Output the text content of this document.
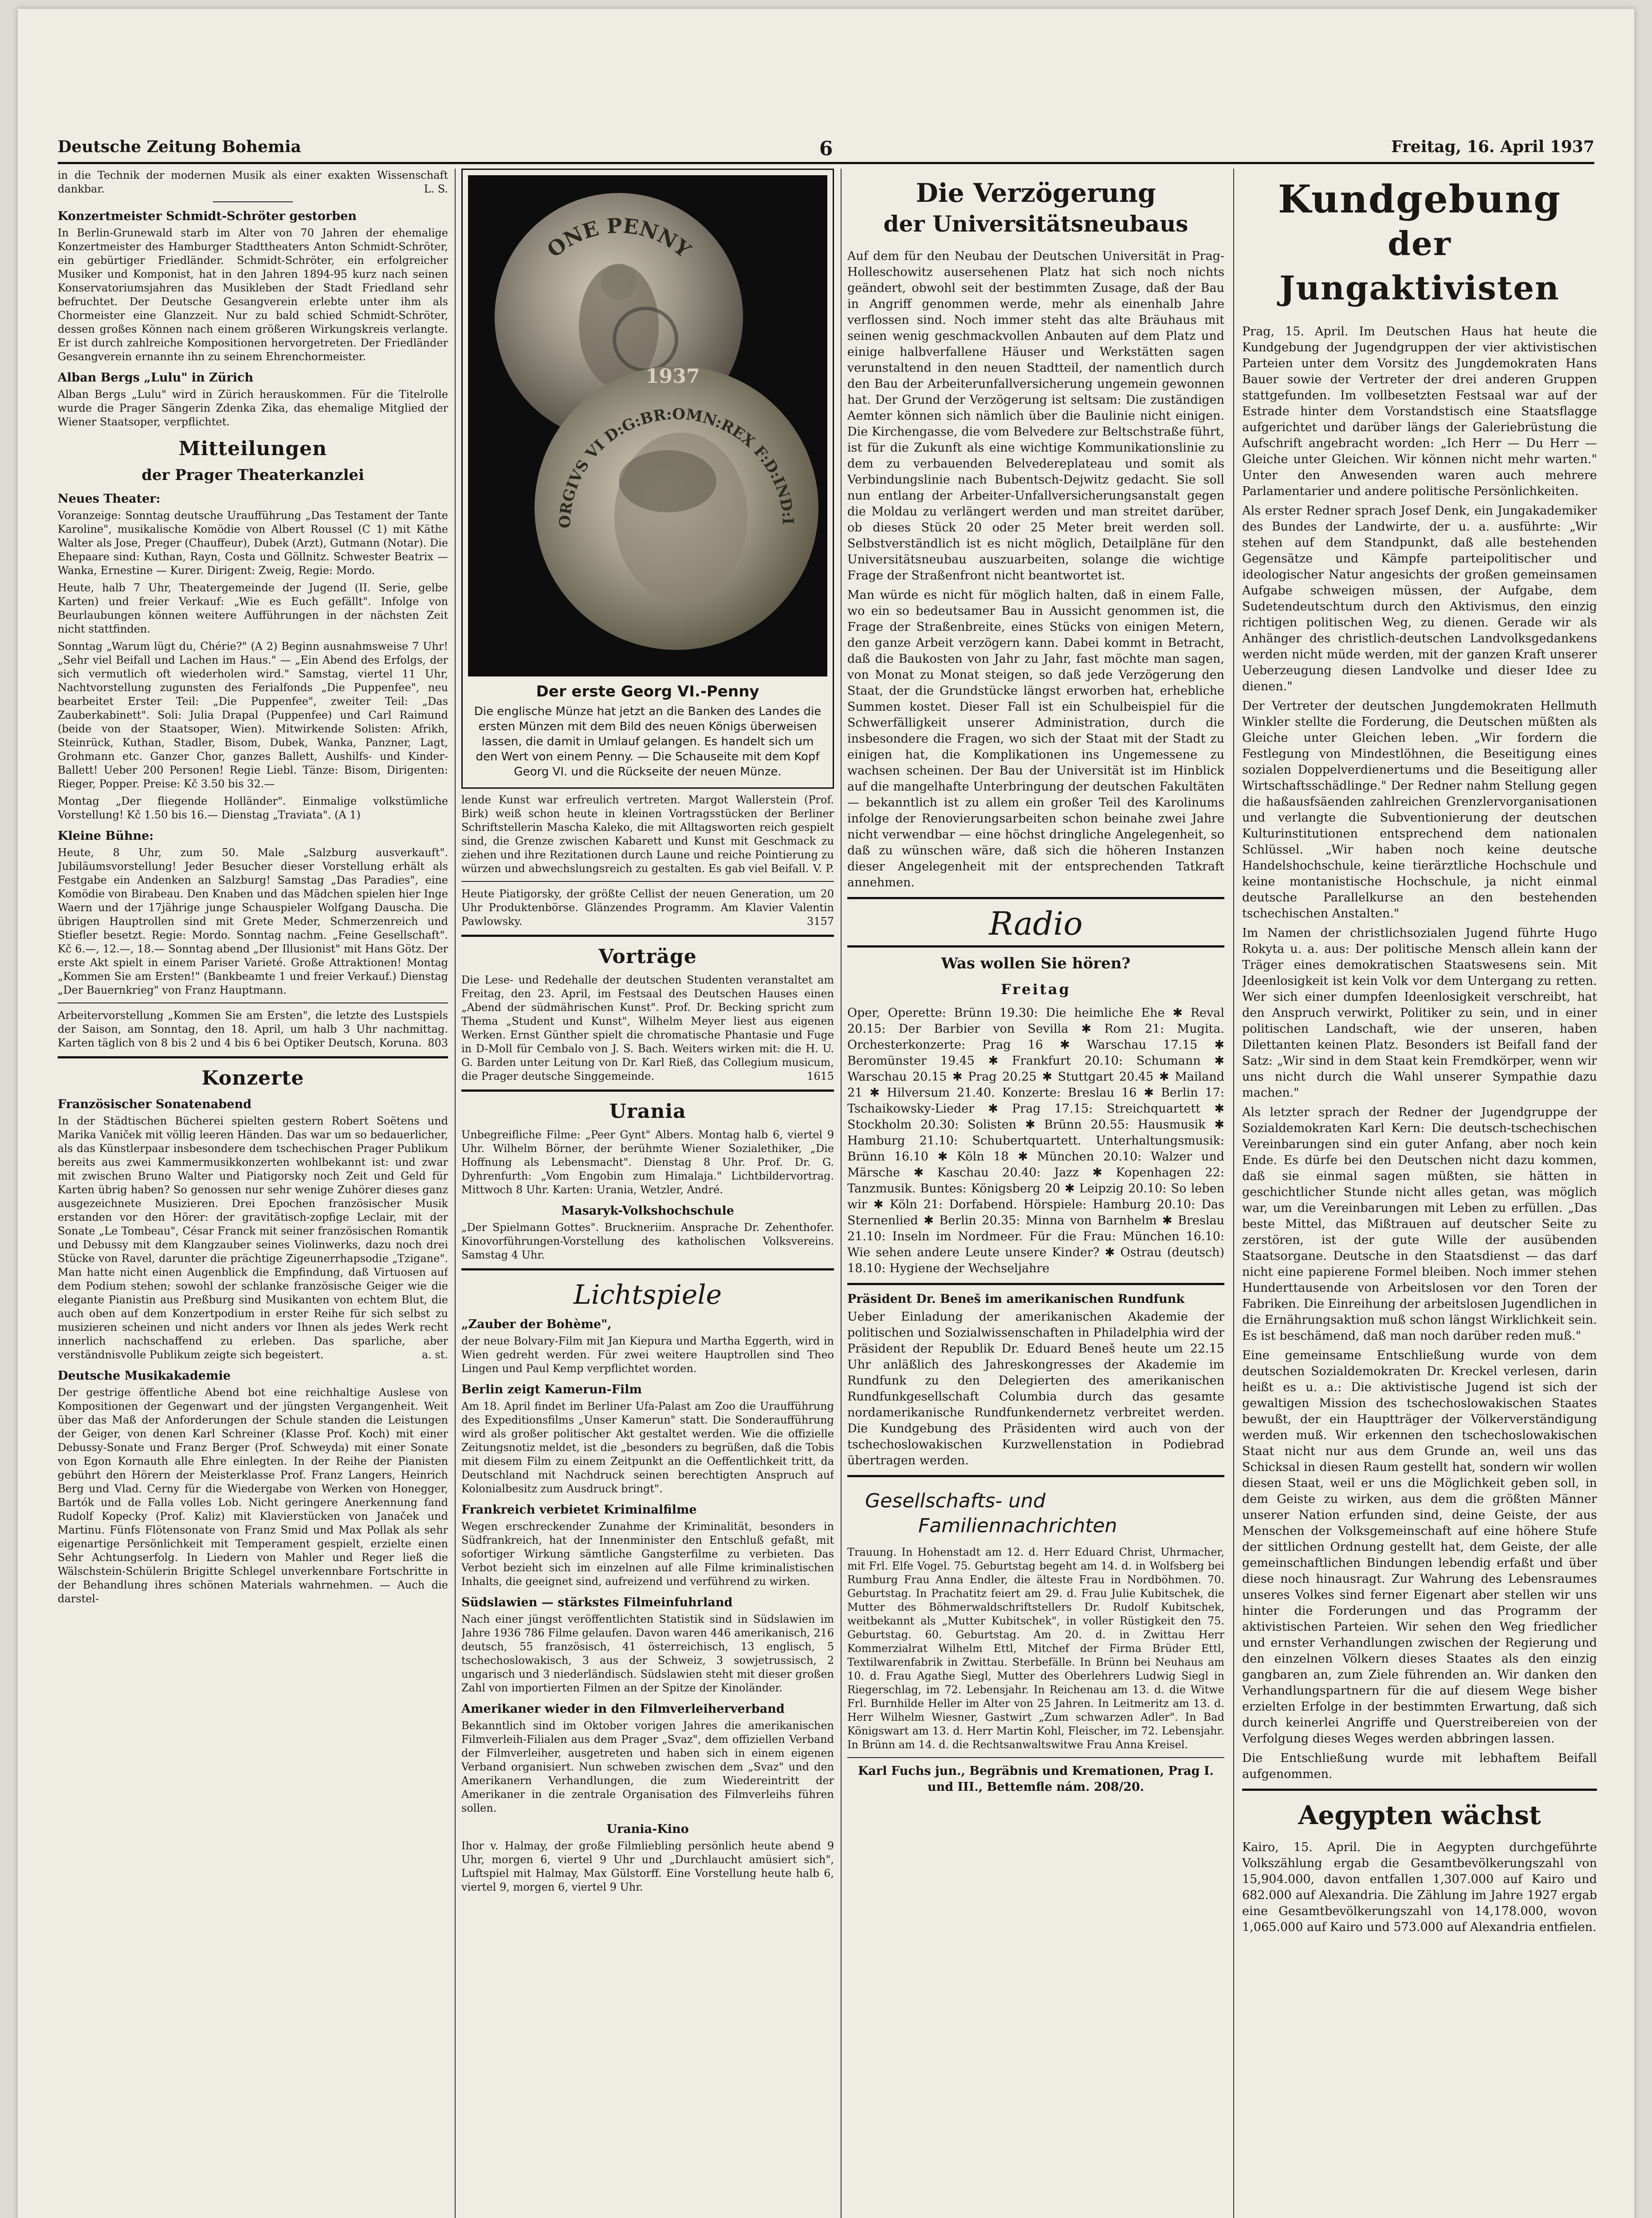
Deutsche Zeitung Bohemia	6	Freitag, 16. April 1937

in die Technik der modernen Musik als einer exakten Wissenschaft dankbar.	L. S.

Konzertmeister Schmidt-Schröter gestorben

In Berlin-Grunewald starb im Alter von 70 Jahren der ehemalige Konzertmeister des Hamburger Stadttheaters Anton Schmidt-Schröter, ein gebürtiger Friedländer. Schmidt-Schröter, ein erfolgreicher Musiker und Komponist, hat in den Jahren 1894-95 kurz nach seinen Konservatoriumsjahren das Musikleben der Stadt Friedland sehr befruchtet. Der Deutsche Gesangverein erlebte unter ihm als Chormeister eine Glanzzeit. Nur zu bald schied Schmidt-Schröter, dessen großes Können nach einem größeren Wirkungskreis verlangte. Er ist durch zahlreiche Kompositionen hervorgetreten. Der Friedländer Gesangverein ernannte ihn zu seinem Ehrenchormeister.

Alban Bergs „Lulu" in Zürich

Alban Bergs „Lulu" wird in Zürich herauskommen. Für die Titelrolle wurde die Prager Sängerin Zdenka Zika, das ehemalige Mitglied der Wiener Staatsoper, verpflichtet.

Mitteilungen
der Prager Theaterkanzlei
Neues Theater:

Voranzeige: Sonntag deutsche Uraufführung „Das Testament der Tante Karoline", musikalische Komödie von Albert Roussel (C 1) mit Käthe Walter als Jose, Preger (Chauffeur), Dubek (Arzt), Gutmann (Notar). Die Ehepaare sind: Kuthan, Rayn, Costa und Göllnitz. Schwester Beatrix — Wanka, Ernestine — Kurer. Dirigent: Zweig, Regie: Mordo.

Heute, halb 7 Uhr, Theatergemeinde der Jugend (II. Serie, gelbe Karten) und freier Verkauf: „Wie es Euch gefällt". Infolge von Beurlaubungen können weitere Aufführungen in der nächsten Zeit nicht stattfinden.

Sonntag „Warum lügt du, Chérie?" (A 2) Beginn ausnahmsweise 7 Uhr! „Sehr viel Beifall und Lachen im Haus." — „Ein Abend des Erfolgs, der sich vermutlich oft wiederholen wird." Samstag, viertel 11 Uhr, Nachtvorstellung zugunsten des Ferialfonds „Die Puppenfee", neu bearbeitet Erster Teil: „Die Puppenfee", zweiter Teil: „Das Zauberkabinett". Soli: Julia Drapal (Puppenfee) und Carl Raimund (beide von der Staatsoper, Wien). Mitwirkende Solisten: Afrikh, Steinrück, Kuthan, Stadler, Bisom, Dubek, Wanka, Panzner, Lagt, Grohmann etc. Ganzer Chor, ganzes Ballett, Aushilfs- und Kinder-Ballett! Ueber 200 Personen! Regie Liebl. Tänze: Bisom, Dirigenten: Rieger, Popper. Preise: Kč 3.50 bis 32.—

Montag „Der fliegende Holländer". Einmalige volkstümliche Vorstellung! Kč 1.50 bis 16.— Dienstag „Traviata". (A 1)

Kleine Bühne:

Heute, 8 Uhr, zum 50. Male „Salzburg ausverkauft". Jubiläumsvorstellung! Jeder Besucher dieser Vorstellung erhält als Festgabe ein Andenken an Salzburg! Samstag „Das Paradies", eine Komödie von Birabeau. Den Knaben und das Mädchen spielen hier Inge Waern und der 17jährige junge Schauspieler Wolfgang Dauscha. Die übrigen Hauptrollen sind mit Grete Meder, Schmerzenreich und Stiefler besetzt. Regie: Mordo. Sonntag nachm. „Feine Gesellschaft". Kč 6.—, 12.—, 18.— Sonntag abend „Der Illusionist" mit Hans Götz. Der erste Akt spielt in einem Pariser Varieté. Große Attraktionen! Montag „Kommen Sie am Ersten!" (Bankbeamte 1 und freier Verkauf.) Dienstag „Der Bauernkrieg" von Franz Hauptmann.

Arbeitervorstellung „Kommen Sie am Ersten", die letzte des Lustspiels der Saison, am Sonntag, den 18. April, um halb 3 Uhr nachmittag. Karten täglich von 8 bis 2 und 4 bis 6 bei Optiker Deutsch, Koruna. 803

Konzerte
Französischer Sonatenabend

In der Städtischen Bücherei spielten gestern Robert Soëtens und Marika Vaniček mit völlig leeren Händen. Das war um so bedauerlicher, als das Künstlerpaar insbesondere dem tschechischen Prager Publikum bereits aus zwei Kammermusikkonzerten wohlbekannt ist: und zwar mit zwischen Bruno Walter und Piatigorsky noch Zeit und Geld für Karten übrig haben? So genossen nur sehr wenige Zuhörer dieses ganz ausgezeichnete Musizieren. Drei Epochen französischer Musik erstanden vor den Hörer: der gravitätisch-zopfige Leclair, mit der Sonate „Le Tombeau", César Franck mit seiner französischen Romantik und Debussy mit dem Klangzauber seines Violinwerks, dazu noch drei Stücke von Ravel, darunter die prächtige Zigeunerrhapsodie „Tzigane". Man hatte nicht einen Augenblick die Empfindung, daß Virtuosen auf dem Podium stehen; sowohl der schlanke französische Geiger wie die elegante Pianistin aus Preßburg sind Musikanten von echtem Blut, die auch oben auf dem Konzertpodium in erster Reihe für sich selbst zu musizieren scheinen und nicht anders vor Ihnen als jedes Werk recht innerlich nachschaffend zu erleben. Das sparliche, aber verständnisvolle Publikum zeigte sich begeistert.	a. st.

Deutsche Musikakademie

Der gestrige öffentliche Abend bot eine reichhaltige Auslese von Kompositionen der Gegenwart und der jüngsten Vergangenheit. Weit über das Maß der Anforderungen der Schule standen die Leistungen der Geiger, von denen Karl Schreiner (Klasse Prof. Koch) mit einer Debussy-Sonate und Franz Berger (Prof. Schweyda) mit einer Sonate von Egon Kornauth alle Ehre einlegten. In der Reihe der Pianisten gebührt den Hörern der Meisterklasse Prof. Franz Langers, Heinrich Berg und Vlad. Cerny für die Wiedergabe von Werken von Honegger, Bartók und de Falla volles Lob. Nicht geringere Anerkennung fand Rudolf Kopecky (Prof. Kaliz) mit Klavierstücken von Janaček und Martinu. Fünfs Flötensonate von Franz Smid und Max Pollak als sehr eigenartige Persönlichkeit mit Temperament gespielt, erzielte einen Sehr Achtungserfolg. In Liedern von Mahler und Reger ließ die Wälschstein-Schülerin Brigitte Schlegel unverkennbare Fortschritte in der Behandlung ihres schönen Materials wahrnehmen. — Auch die darstel-

ONE PENNY
ORGIVS VI D:G:BR:OMN:REX F:D:IND:I
1937
Der erste Georg VI.-Penny
Die englische Münze hat jetzt an die Banken des Landes die ersten Münzen mit dem Bild des neuen Königs überweisen lassen, die damit in Umlauf gelangen. Es handelt sich um den Wert von einem Penny. — Die Schauseite mit dem Kopf Georg VI. und die Rückseite der neuen Münze.

lende Kunst war erfreulich vertreten. Margot Wallerstein (Prof. Birk) weiß schon heute in kleinen Vortragsstücken der Berliner Schriftstellerin Mascha Kaleko, die mit Alltagsworten reich gespielt sind, die Grenze zwischen Kabarett und Kunst mit Geschmack zu ziehen und ihre Rezitationen durch Laune und reiche Pointierung zu würzen und abwechslungsreich zu gestalten. Es gab viel Beifall. V. P.

Heute Piatigorsky, der größte Cellist der neuen Generation, um 20 Uhr Produktenbörse. Glänzendes Programm. Am Klavier Valentin Pawlowsky.	3157

Vorträge

Die Lese- und Redehalle der deutschen Studenten veranstaltet am Freitag, den 23. April, im Festsaal des Deutschen Hauses einen „Abend der südmährischen Kunst". Prof. Dr. Becking spricht zum Thema „Student und Kunst", Wilhelm Meyer liest aus eigenen Werken. Ernst Günther spielt die chromatische Phantasie und Fuge in D-Moll für Cembalo von J. S. Bach. Weiters wirken mit: die H. U. G. Barden unter Leitung von Dr. Karl Rieß, das Collegium musicum, die Prager deutsche Singgemeinde.	1615

Urania

Unbegreifliche Filme: „Peer Gynt" Albers. Montag halb 6, viertel 9 Uhr. Wilhelm Börner, der berühmte Wiener Sozialethiker, „Die Hoffnung als Lebensmacht". Dienstag 8 Uhr. Prof. Dr. G. Dyhrenfurth: „Vom Engobin zum Himalaja." Lichtbildervortrag. Mittwoch 8 Uhr. Karten: Urania, Wetzler, André.

Masaryk-Volkshochschule

„Der Spielmann Gottes". Bruckneriim. Ansprache Dr. Zehenthofer. Kinovorführungen-Vorstellung des katholischen Volksvereins. Samstag 4 Uhr.

Lichtspiele
„Zauber der Bohème",

der neue Bolvary-Film mit Jan Kiepura und Martha Eggerth, wird in Wien gedreht werden. Für zwei weitere Hauptrollen sind Theo Lingen und Paul Kemp verpflichtet worden.

Berlin zeigt Kamerun-Film

Am 18. April findet im Berliner Ufa-Palast am Zoo die Uraufführung des Expeditionsfilms „Unser Kamerun" statt. Die Sonderaufführung wird als großer politischer Akt gestaltet werden. Wie die offizielle Zeitungsnotiz meldet, ist die „besonders zu begrüßen, daß die Tobis mit diesem Film zu einem Zeitpunkt an die Oeffentlichkeit tritt, da Deutschland mit Nachdruck seinen berechtigten Anspruch auf Kolonialbesitz zum Ausdruck bringt".

Frankreich verbietet Kriminalfilme

Wegen erschreckender Zunahme der Kriminalität, besonders in Südfrankreich, hat der Innenminister den Entschluß gefaßt, mit sofortiger Wirkung sämtliche Gangsterfilme zu verbieten. Das Verbot bezieht sich im einzelnen auf alle Filme kriminalistischen Inhalts, die geeignet sind, aufreizend und verführend zu wirken.

Südslawien — stärkstes Filmeinfuhrland

Nach einer jüngst veröffentlichten Statistik sind in Südslawien im Jahre 1936 786 Filme gelaufen. Davon waren 446 amerikanisch, 216 deutsch, 55 französisch, 41 österreichisch, 13 englisch, 5 tschechoslowakisch, 3 aus der Schweiz, 3 sowjetrussisch, 2 ungarisch und 3 niederländisch. Südslawien steht mit dieser großen Zahl von importierten Filmen an der Spitze der Kinoländer.

Amerikaner wieder in den Filmverleiherverband

Bekanntlich sind im Oktober vorigen Jahres die amerikanischen Filmverleih-Filialen aus dem Prager „Svaz", dem offiziellen Verband der Filmverleiher, ausgetreten und haben sich in einem eigenen Verband organisiert. Nun schweben zwischen dem „Svaz" und den Amerikanern Verhandlungen, die zum Wiedereintritt der Amerikaner in die zentrale Organisation des Filmverleihs führen sollen.

Urania-Kino

Ihor v. Halmay, der große Filmliebling persönlich heute abend 9 Uhr, morgen 6, viertel 9 Uhr und „Durchlaucht amüsiert sich", Luftspiel mit Halmay, Max Gülstorff. Eine Vorstellung heute halb 6, viertel 9, morgen 6, viertel 9 Uhr.

Die Verzögerung
der Universitätsneubaus

Auf dem für den Neubau der Deutschen Universität in Prag-Holleschowitz ausersehenen Platz hat sich noch nichts geändert, obwohl seit der bestimmten Zusage, daß der Bau in Angriff genommen werde, mehr als einenhalb Jahre verflossen sind. Noch immer steht das alte Bräuhaus mit seinen wenig geschmackvollen Anbauten auf dem Platz und einige halbverfallene Häuser und Werkstätten sagen verunstaltend in den neuen Stadtteil, der namentlich durch den Bau der Arbeiterunfallversicherung ungemein gewonnen hat. Der Grund der Verzögerung ist seltsam: Die zuständigen Aemter können sich nämlich über die Baulinie nicht einigen. Die Kirchengasse, die vom Belvedere zur Beltschstraße führt, ist für die Zukunft als eine wichtige Kommunikationslinie zu dem zu verbauenden Belvedereplateau und somit als Verbindungslinie nach Bubentsch-Dejwitz gedacht. Sie soll nun entlang der Arbeiter-Unfallversicherungsanstalt gegen die Moldau zu verlängert werden und man streitet darüber, ob dieses Stück 20 oder 25 Meter breit werden soll. Selbstverständlich ist es nicht möglich, Detailpläne für den Universitätsneubau auszuarbeiten, solange die wichtige Frage der Straßenfront nicht beantwortet ist.

Man würde es nicht für möglich halten, daß in einem Falle, wo ein so bedeutsamer Bau in Aussicht genommen ist, die Frage der Straßenbreite, eines Stücks von einigen Metern, den ganze Arbeit verzögern kann. Dabei kommt in Betracht, daß die Baukosten von Jahr zu Jahr, fast möchte man sagen, von Monat zu Monat steigen, so daß jede Verzögerung den Staat, der die Grundstücke längst erworben hat, erhebliche Summen kostet. Dieser Fall ist ein Schulbeispiel für die Schwerfälligkeit unserer Administration, durch die insbesondere die Fragen, wo sich der Staat mit der Stadt zu einigen hat, die Komplikationen ins Ungemessene zu wachsen scheinen. Der Bau der Universität ist im Hinblick auf die mangelhafte Unterbringung der deutschen Fakultäten — bekanntlich ist zu allem ein großer Teil des Karolinums infolge der Renovierungsarbeiten schon beinahe zwei Jahre nicht verwendbar — eine höchst dringliche Angelegenheit, so daß zu wünschen wäre, daß sich die höheren Instanzen dieser Angelegenheit mit der entsprechenden Tatkraft annehmen.

Radio
Was wollen Sie hören?
Freitag

Oper, Operette: Brünn 19.30: Die heimliche Ehe ✱ Reval 20.15: Der Barbier von Sevilla ✱ Rom 21: Mugita. Orchesterkonzerte: Prag 16 ✱ Warschau 17.15 ✱ Beromünster 19.45 ✱ Frankfurt 20.10: Schumann ✱ Warschau 20.15 ✱ Prag 20.25 ✱ Stuttgart 20.45 ✱ Mailand 21 ✱ Hilversum 21.40. Konzerte: Breslau 16 ✱ Berlin 17: Tschaikowsky-Lieder ✱ Prag 17.15: Streichquartett ✱ Stockholm 20.30: Solisten ✱ Brünn 20.55: Hausmusik ✱ Hamburg 21.10: Schubertquartett. Unterhaltungsmusik: Brünn 16.10 ✱ Köln 18 ✱ München 20.10: Walzer und Märsche ✱ Kaschau 20.40: Jazz ✱ Kopenhagen 22: Tanzmusik. Buntes: Königsberg 20 ✱ Leipzig 20.10: So leben wir ✱ Köln 21: Dorfabend. Hörspiele: Hamburg 20.10: Das Sternenlied ✱ Berlin 20.35: Minna von Barnhelm ✱ Breslau 21.10: Inseln im Nordmeer. Für die Frau: München 16.10: Wie sehen andere Leute unsere Kinder? ✱ Ostrau (deutsch) 18.10: Hygiene der Wechseljahre

Präsident Dr. Beneš im amerikanischen Rundfunk

Ueber Einladung der amerikanischen Akademie der politischen und Sozialwissenschaften in Philadelphia wird der Präsident der Republik Dr. Eduard Beneš heute um 22.15 Uhr anläßlich des Jahreskongresses der Akademie im Rundfunk zu den Delegierten des amerikanischen Rundfunkgesellschaft Columbia durch das gesamte nordamerikanische Rundfunkendernetz verbreitet werden. Die Kundgebung des Präsidenten wird auch von der tschechoslowakischen Kurzwellenstation in Podiebrad übertragen werden.

Gesellschafts- und
Familiennachrichten

Trauung. In Hohenstadt am 12. d. Herr Eduard Christ, Uhrmacher, mit Frl. Elfe Vogel. 75. Geburtstag begeht am 14. d. in Wolfsberg bei Rumburg Frau Anna Endler, die älteste Frau in Nordböhmen. 70. Geburtstag. In Prachatitz feiert am 29. d. Frau Julie Kubitschek, die Mutter des Böhmerwaldschriftstellers Dr. Rudolf Kubitschek, weitbekannt als „Mutter Kubitschek", in voller Rüstigkeit den 75. Geburtstag. 60. Geburtstag. Am 20. d. in Zwittau Herr Kommerzialrat Wilhelm Ettl, Mitchef der Firma Brüder Ettl, Textilwarenfabrik in Zwittau. Sterbefälle. In Brünn bei Neuhaus am 10. d. Frau Agathe Siegl, Mutter des Oberlehrers Ludwig Siegl in Riegerschlag, im 72. Lebensjahr. In Reichenau am 13. d. die Witwe Frl. Burnhilde Heller im Alter von 25 Jahren. In Leitmeritz am 13. d. Herr Wilhelm Wiesner, Gastwirt „Zum schwarzen Adler". In Bad Königswart am 13. d. Herr Martin Kohl, Fleischer, im 72. Lebensjahr. In Brünn am 14. d. die Rechtsanwaltswitwe Frau Anna Kreisel.

Karl Fuchs jun., Begräbnis und Kremationen, Prag I. und III., Bettemfle nám. 208/20.

Kundgebung
der Jungaktivisten

Prag, 15. April. Im Deutschen Haus hat heute die Kundgebung der Jugendgruppen der vier aktivistischen Parteien unter dem Vorsitz des Jungdemokraten Hans Bauer sowie der Vertreter der drei anderen Gruppen stattgefunden. Im vollbesetzten Festsaal war auf der Estrade hinter dem Vorstandstisch eine Staatsflagge aufgerichtet und darüber längs der Galeriebrüstung die Aufschrift angebracht worden: „Ich Herr — Du Herr — Gleiche unter Gleichen. Wir können nicht mehr warten." Unter den Anwesenden waren auch mehrere Parlamentarier und andere politische Persönlichkeiten.

Als erster Redner sprach Josef Denk, ein Jungakademiker des Bundes der Landwirte, der u. a. ausführte: „Wir stehen auf dem Standpunkt, daß alle bestehenden Gegensätze und Kämpfe parteipolitischer und ideologischer Natur angesichts der großen gemeinsamen Aufgabe schweigen müssen, der Aufgabe, dem Sudetendeutschtum durch den Aktivismus, den einzig richtigen politischen Weg, zu dienen. Gerade wir als Anhänger des christlich-deutschen Landvolksgedankens werden nicht müde werden, mit der ganzen Kraft unserer Ueberzeugung diesen Landvolke und dieser Idee zu dienen."

Der Vertreter der deutschen Jungdemokraten Hellmuth Winkler stellte die Forderung, die Deutschen müßten als Gleiche unter Gleichen leben. „Wir fordern die Festlegung von Mindestlöhnen, die Beseitigung eines sozialen Doppelverdienertums und die Beseitigung aller Wirtschaftsschädlinge." Der Redner nahm Stellung gegen die haßausfsäenden zahlreichen Grenzlervorganisationen und verlangte die Subventionierung der deutschen Kulturinstitutionen entsprechend dem nationalen Schlüssel. „Wir haben noch keine deutsche Handelshochschule, keine tierärztliche Hochschule und keine montanistische Hochschule, ja nicht einmal deutsche Parallelkurse an den bestehenden tschechischen Anstalten."

Im Namen der christlichsozialen Jugend führte Hugo Rokyta u. a. aus: Der politische Mensch allein kann der Träger eines demokratischen Staatswesens sein. Mit Jdeenlosigkeit ist kein Volk vor dem Untergang zu retten. Wer sich einer dumpfen Ideenlosigkeit verschreibt, hat den Anspruch verwirkt, Politiker zu sein, und in einer politischen Landschaft, wie der unseren, haben Dilettanten keinen Platz. Besonders ist Beifall fand der Satz: „Wir sind in dem Staat kein Fremdkörper, wenn wir uns nicht durch die Wahl unserer Sympathie dazu machen."

Als letzter sprach der Redner der Jugendgruppe der Sozialdemokraten Karl Kern: Die deutsch-tschechischen Vereinbarungen sind ein guter Anfang, aber noch kein Ende. Es dürfe bei den Deutschen nicht dazu kommen, daß sie einmal sagen müßten, sie hätten in geschichtlicher Stunde nicht alles getan, was möglich war, um die Vereinbarungen mit Leben zu erfüllen. „Das beste Mittel, das Mißtrauen auf deutscher Seite zu zerstören, ist der gute Wille der ausübenden Staatsorgane. Deutsche in den Staatsdienst — das darf nicht eine papierene Formel bleiben. Noch immer stehen Hunderttausende von Arbeitslosen vor den Toren der Fabriken. Die Einreihung der arbeitslosen Jugendlichen in die Ernährungsaktion muß schon längst Wirklichkeit sein. Es ist beschämend, daß man noch darüber reden muß."

Eine gemeinsame Entschließung wurde von dem deutschen Sozialdemokraten Dr. Kreckel verlesen, darin heißt es u. a.: Die aktivistische Jugend ist sich der gewaltigen Mission des tschechoslowakischen Staates bewußt, der ein Hauptträger der Völkerverständigung werden muß. Wir erkennen den tschechoslowakischen Staat nicht nur aus dem Grunde an, weil uns das Schicksal in diesen Raum gestellt hat, sondern wir wollen diesen Staat, weil er uns die Möglichkeit geben soll, in dem Geiste zu wirken, aus dem die größten Männer unserer Nation erfunden sind, deine Geiste, der aus Menschen der Volksgemeinschaft auf eine höhere Stufe der sittlichen Ordnung gestellt hat, dem Geiste, der alle gemeinschaftlichen Bindungen lebendig erfaßt und über diese noch hinausragt. Zur Wahrung des Lebensraumes unseres Volkes sind ferner Eigenart aber stellen wir uns hinter die Forderungen und das Programm der aktivistischen Parteien. Wir sehen den Weg friedlicher und ernster Verhandlungen zwischen der Regierung und den einzelnen Völkern dieses Staates als den einzig gangbaren an, zum Ziele führenden an. Wir danken den Verhandlungspartnern für die auf diesem Wege bisher erzielten Erfolge in der bestimmten Erwartung, daß sich durch keinerlei Angriffe und Querstreibereien von der Verfolgung dieses Weges werden abbringen lassen.

Die Entschließung wurde mit lebhaftem Beifall aufgenommen.

Aegypten wächst

Kairo, 15. April. Die in Aegypten durchgeführte Volkszählung ergab die Gesamtbevölkerungszahl von 15,904.000, davon entfallen 1,307.000 auf Kairo und 682.000 auf Alexandria. Die Zählung im Jahre 1927 ergab eine Gesamtbevölkerungszahl von 14,178.000, wovon 1,065.000 auf Kairo und 573.000 auf Alexandria entfielen.
